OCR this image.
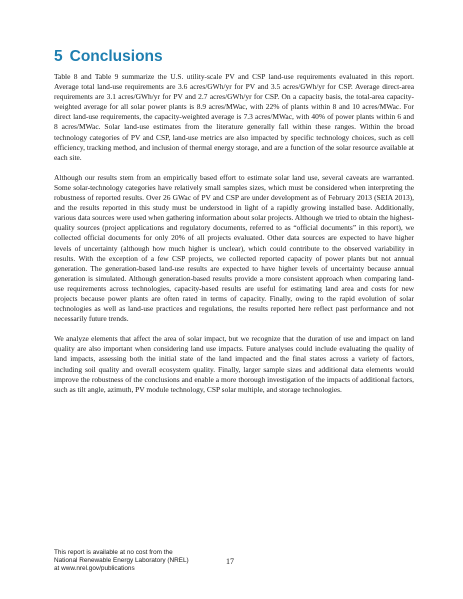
5 Conclusions

Table 8 and Table 9 summarize the U.S. utility-scale PV and CSP land-use requirements evaluated in this report. Average total land-use requirements are 3.6 acres/GWh/yr for PV and 3.5 acres/GWh/yr for CSP. Average direct-area requirements are 3.1 acres/GWh/yr for PV and 2.7 acres/GWh/yr for CSP. On a capacity basis, the total-area capacity-weighted average for all solar power plants is 8.9 acres/MWac, with 22% of plants within 8 and 10 acres/MWac. For direct land-use requirements, the capacity-weighted average is 7.3 acres/MWac, with 40% of power plants within 6 and 8 acres/MWac. Solar land-use estimates from the literature generally fall within these ranges. Within the broad technology categories of PV and CSP, land-use metrics are also impacted by specific technology choices, such as cell efficiency, tracking method, and inclusion of thermal energy storage, and are a function of the solar resource available at each site.

Although our results stem from an empirically based effort to estimate solar land use, several caveats are warranted. Some solar-technology categories have relatively small samples sizes, which must be considered when interpreting the robustness of reported results. Over 26 GWac of PV and CSP are under development as of February 2013 (SEIA 2013), and the results reported in this study must be understood in light of a rapidly growing installed base. Additionally, various data sources were used when gathering information about solar projects. Although we tried to obtain the highest-quality sources (project applications and regulatory documents, referred to as “official documents” in this report), we collected official documents for only 20% of all projects evaluated. Other data sources are expected to have higher levels of uncertainty (although how much higher is unclear), which could contribute to the observed variability in results. With the exception of a few CSP projects, we collected reported capacity of power plants but not annual generation. The generation-based land-use results are expected to have higher levels of uncertainty because annual generation is simulated. Although generation-based results provide a more consistent approach when comparing land-use requirements across technologies, capacity-based results are useful for estimating land area and costs for new projects because power plants are often rated in terms of capacity. Finally, owing to the rapid evolution of solar technologies as well as land-use practices and regulations, the results reported here reflect past performance and not necessarily future trends.

We analyze elements that affect the area of solar impact, but we recognize that the duration of use and impact on land quality are also important when considering land use impacts. Future analyses could include evaluating the quality of land impacts, assessing both the initial state of the land impacted and the final states across a variety of factors, including soil quality and overall ecosystem quality. Finally, larger sample sizes and additional data elements would improve the robustness of the conclusions and enable a more thorough investigation of the impacts of additional factors, such as tilt angle, azimuth, PV module technology, CSP solar multiple, and storage technologies.

This report is available at no cost from the
National Renewable Energy Laboratory (NREL)
at www.nrel.gov/publications
17
